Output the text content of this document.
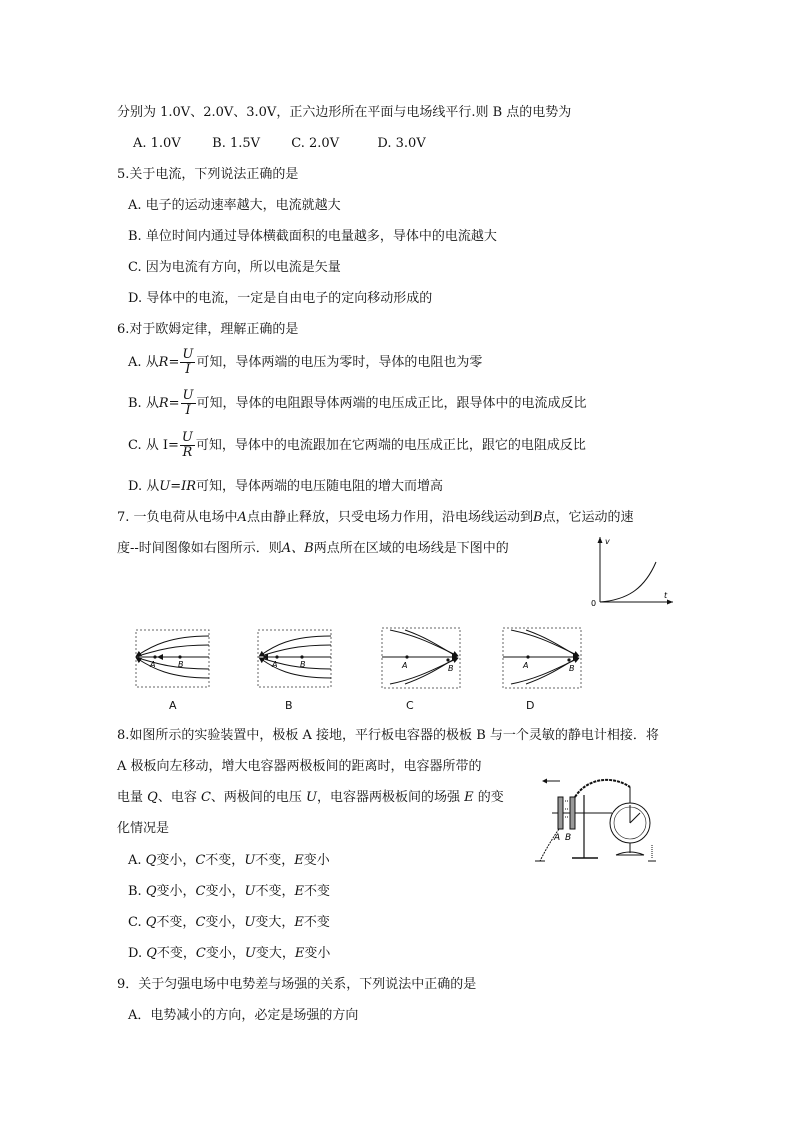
分别为 1.0V、2.0V、3.0V，正六边形所在平面与电场线平行.则 B 点的电势为
A. 1.0V B. 1.5V C. 2.0V	D. 3.0V
5.关于电流，下列说法正确的是
A. 电子的运动速率越大，电流就越大
B. 单位时间内通过导体横截面积的电量越多，导体中的电流越大
C. 因为电流有方向，所以电流是矢量
D. 导体中的电流，一定是自由电子的定向移动形成的
6.对于欧姆定律，理解正确的是
A. 从$R= \frac{U}{I}$ 可知，导体两端的电压为零时，导体的电阻也为零
B. 从$R= \frac{U}{I}$ 可知，导体的电阻跟导体两端的电压成正比，跟导体中的电流成反比
C. 从 $I= \frac{U}{R}$ 可知，导体中的电流跟加在它两端的电压成正比，跟它的电阻成反比
D. 从U=IR可知，导体两端的电压随电阻的增大而增高
7. 一负电荷从电场中A点由静止释放，只受电场力作用，沿电场线运动到B点，它运动的速
度--时间图像如右图所示．则A、B两点所在区域的电场线是下图中的	v
t
0
A	B	A	B	A	B	A	B
A	B	C	D
8.如图所示的实验装置中，极板 A 接地，平行板电容器的极板 B 与一个灵敏的静电计相接．将
A 极板向左移动，增大电容器两极板间的距离时，电容器所带的
电量 Q、电容 C、两极间的电压 U，电容器两极板间的场强 E 的变
化情况是
A B
A. Q变小，C不变，U不变，E变小
B. Q变小，C变小，U不变，E不变
C. Q不变，C变小，U变大，E不变
D. Q不变，C变小，U变大，E变小
9．关于匀强电场中电势差与场强的关系，下列说法中正确的是
A．电势减小的方向，必定是场强的方向
